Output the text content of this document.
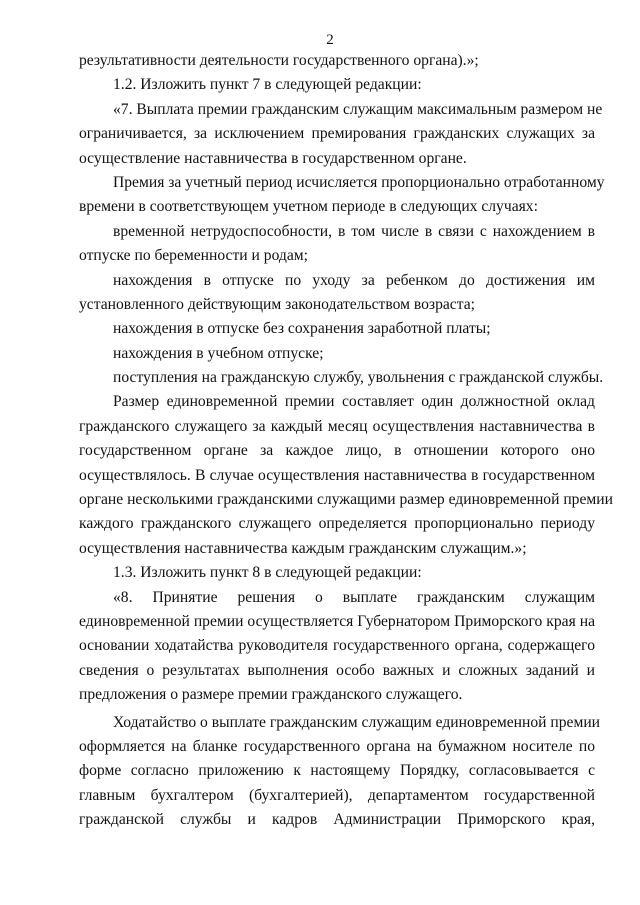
2
результативности деятельности государственного органа).»;
1.2. Изложить пункт 7 в следующей редакции:
«7. Выплата премии гражданским служащим максимальным размером не
ограничивается, за исключением премирования гражданских служащих за
осуществление наставничества в государственном органе.
Премия за учетный период исчисляется пропорционально отработанному
времени в соответствующем учетном периоде в следующих случаях:
временной нетрудоспособности, в том числе в связи с нахождением в
отпуске по беременности и родам;
нахождения в отпуске по уходу за ребенком до достижения им
установленного действующим законодательством возраста;
нахождения в отпуске без сохранения заработной платы;
нахождения в учебном отпуске;
поступления на гражданскую службу, увольнения с гражданской службы.
Размер единовременной премии составляет один должностной оклад
гражданского служащего за каждый месяц осуществления наставничества в
государственном органе за каждое лицо, в отношении которого оно
осуществлялось. В случае осуществления наставничества в государственном
органе несколькими гражданскими служащими размер единовременной премии
каждого гражданского служащего определяется пропорционально периоду
осуществления наставничества каждым гражданским служащим.»;
1.3. Изложить пункт 8 в следующей редакции:
«8. Принятие решения о выплате гражданским служащим
единовременной премии осуществляется Губернатором Приморского края на
основании ходатайства руководителя государственного органа, содержащего
сведения о результатах выполнения особо важных и сложных заданий и
предложения о размере премии гражданского служащего.
Ходатайство о выплате гражданским служащим единовременной премии
оформляется на бланке государственного органа на бумажном носителе по
форме согласно приложению к настоящему Порядку, согласовывается с
главным бухгалтером (бухгалтерией), департаментом государственной
гражданской службы и кадров Администрации Приморского края,
